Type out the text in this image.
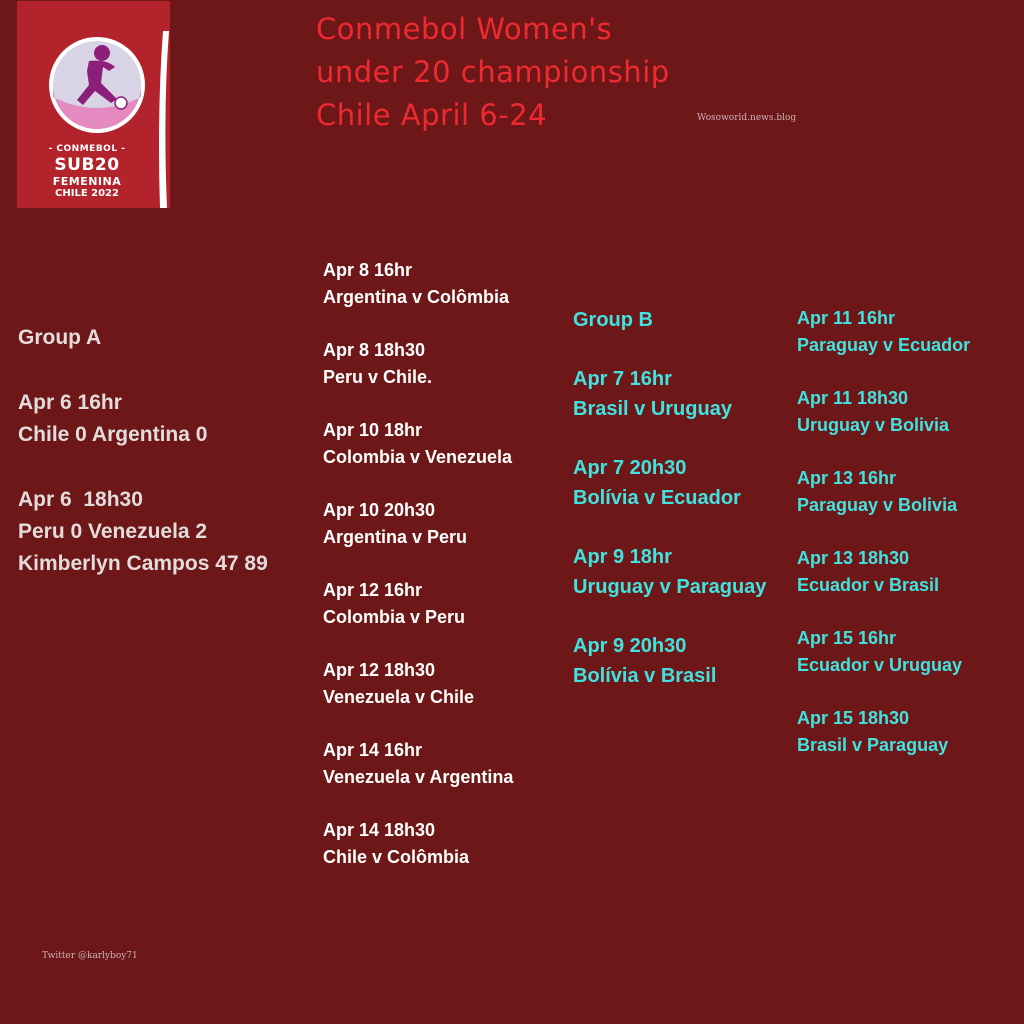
- CONMEBOL -
SUB20
FEMENINA
CHILE 2022
Conmebol Women's
under 20 championship
Chile April 6-24	Wosoworld.news.blog
Group A
Apr 6 16hr
Chile 0 Argentina 0
Apr 6  18h30
Peru 0 Venezuela 2
Kimberlyn Campos 47 89
Apr 8 16hr
Argentina v Colômbia
Apr 8 18h30
Peru v Chile.
Apr 10 18hr
Colombia v Venezuela
Apr 10 20h30
Argentina v Peru
Apr 12 16hr
Colombia v Peru
Apr 12 18h30
Venezuela v Chile
Apr 14 16hr
Venezuela v Argentina
Apr 14 18h30
Chile v Colômbia
Group B
Apr 7 16hr
Brasil v Uruguay
Apr 7 20h30
Bolívia v Ecuador
Apr 9 18hr
Uruguay v Paraguay
Apr 9 20h30
Bolívia v Brasil
Apr 11 16hr
Paraguay v Ecuador
Apr 11 18h30
Uruguay v Bolivia
Apr 13 16hr
Paraguay v Bolivia
Apr 13 18h30
Ecuador v Brasil
Apr 15 16hr
Ecuador v Uruguay
Apr 15 18h30
Brasil v Paraguay
Twitter @karlyboy71
